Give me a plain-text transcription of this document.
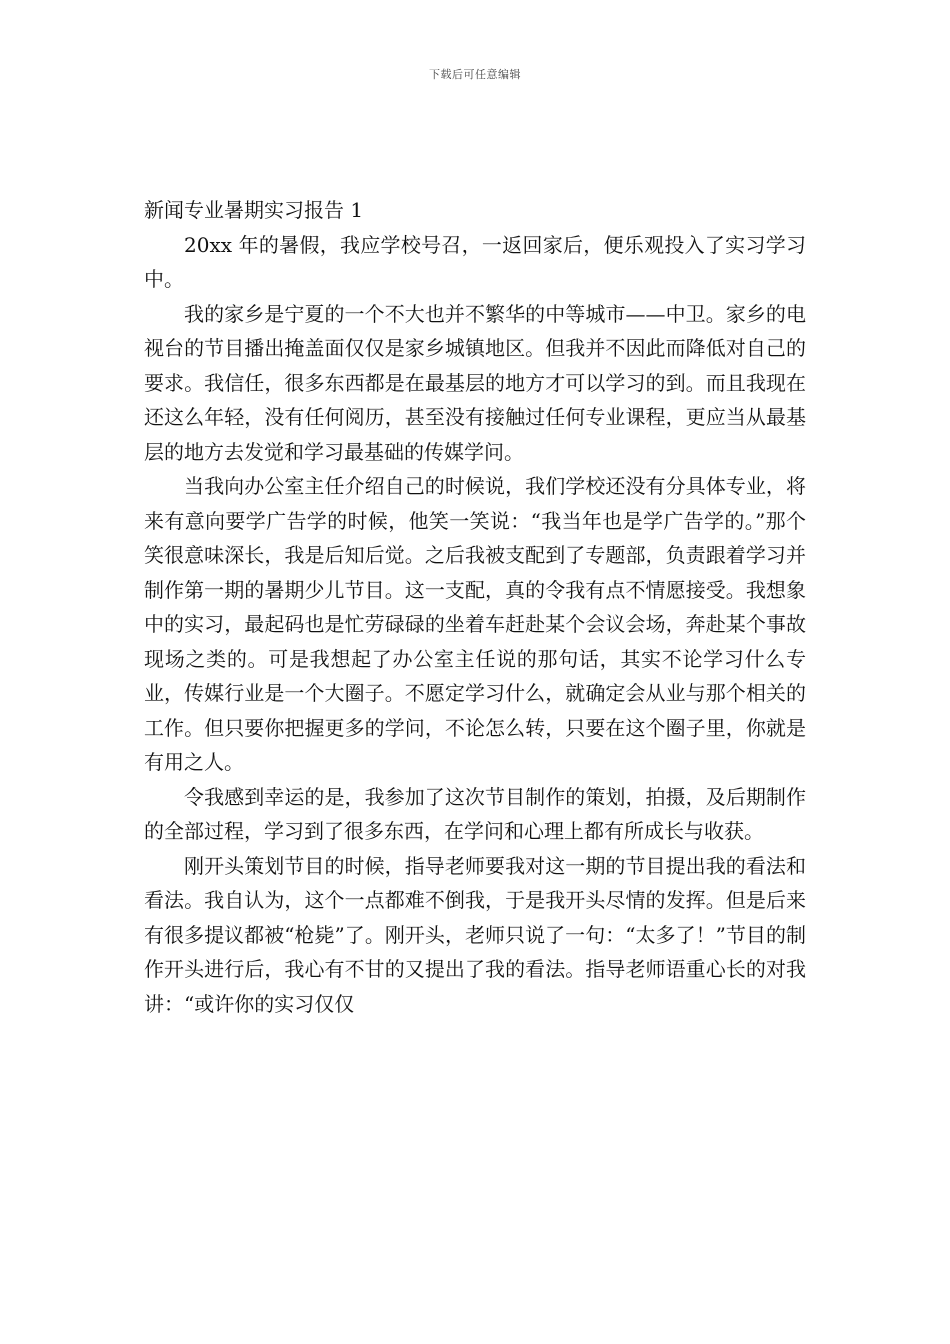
下载后可任意编辑
新闻专业暑期实习报告 1

20xx 年的暑假，我应学校号召，一返回家后，便乐观投入了实习学习中。

我的家乡是宁夏的一个不大也并不繁华的中等城市——中卫。家乡的电视台的节目播出掩盖面仅仅是家乡城镇地区。但我并不因此而降低对自己的要求。我信任，很多东西都是在最基层的地方才可以学习的到。而且我现在还这么年轻，没有任何阅历，甚至没有接触过任何专业课程，更应当从最基层的地方去发觉和学习最基础的传媒学问。

当我向办公室主任介绍自己的时候说，我们学校还没有分具体专业，将来有意向要学广告学的时候，他笑一笑说：“我当年也是学广告学的。”那个笑很意味深长，我是后知后觉。之后我被支配到了专题部，负责跟着学习并制作第一期的暑期少儿节目。这一支配，真的令我有点不情愿接受。我想象中的实习，最起码也是忙劳碌碌的坐着车赶赴某个会议会场，奔赴某个事故现场之类的。可是我想起了办公室主任说的那句话，其实不论学习什么专业，传媒行业是一个大圈子。不愿定学习什么，就确定会从业与那个相关的工作。但只要你把握更多的学问，不论怎么转，只要在这个圈子里，你就是有用之人。

令我感到幸运的是，我参加了这次节目制作的策划，拍摄，及后期制作的全部过程，学习到了很多东西，在学问和心理上都有所成长与收获。

刚开头策划节目的时候，指导老师要我对这一期的节目提出我的看法和看法。我自认为，这个一点都难不倒我，于是我开头尽情的发挥。但是后来有很多提议都被“枪毙”了。刚开头，老师只说了一句：“太多了！”节目的制作开头进行后，我心有不甘的又提出了我的看法。指导老师语重心长的对我讲：“或许你的实习仅仅
